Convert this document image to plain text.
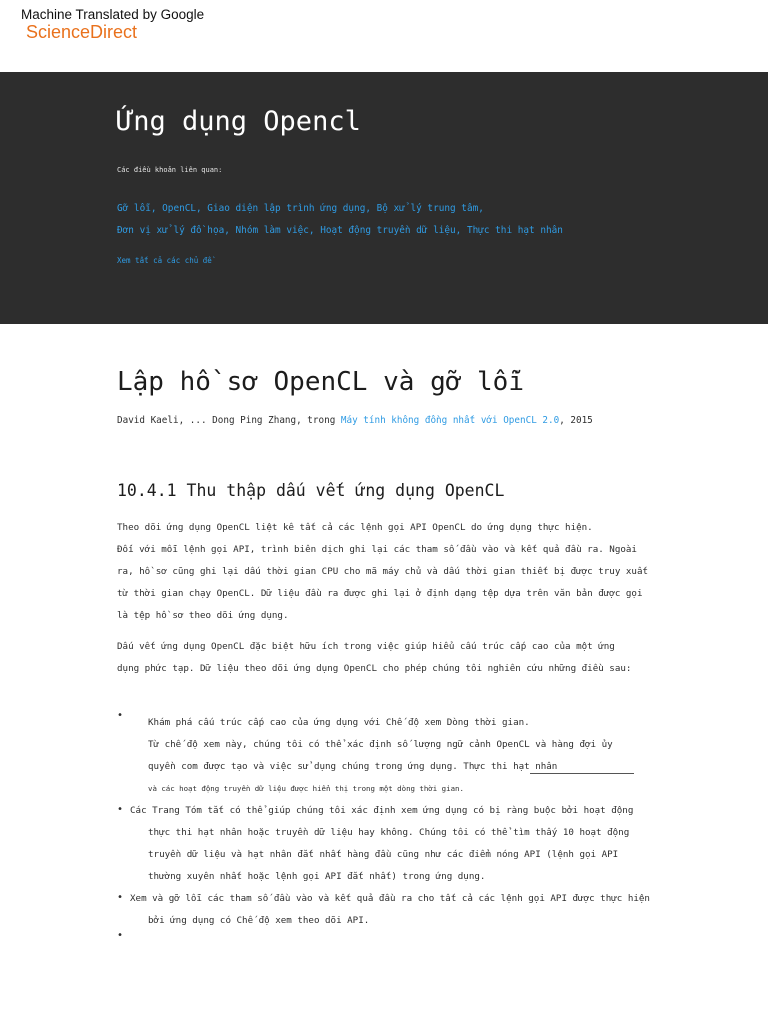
Machine Translated by Google
ScienceDirect
Ứng dụng Opencl
Các điều khoản liên quan:
Gỡ lỗi, OpenCL, Giao diện lập trình ứng dụng, Bộ xử lý trung tâm,
Đơn vị xử lý đồ họa, Nhóm làm việc, Hoạt động truyền dữ liệu, Thực thi hạt nhân
Xem tất cả các chủ đề
Lập hồ sơ OpenCL và gỡ lỗi
David Kaeli, ... Dong Ping Zhang, trong Máy tính không đồng nhất với OpenCL 2.0, 2015
10.4.1 Thu thập dấu vết ứng dụng OpenCL
Theo dõi ứng dụng OpenCL liệt kê tất cả các lệnh gọi API OpenCL do ứng dụng thực hiện.
Đối với mỗi lệnh gọi API, trình biên dịch ghi lại các tham số đầu vào và kết quả đầu ra. Ngoài
ra, hồ sơ cũng ghi lại dấu thời gian CPU cho mã máy chủ và dấu thời gian thiết bị được truy xuất
từ thời gian chạy OpenCL. Dữ liệu đầu ra được ghi lại ở định dạng tệp dựa trên văn bản được gọi
là tệp hồ sơ theo dõi ứng dụng.
Dấu vết ứng dụng OpenCL đặc biệt hữu ích trong việc giúp hiểu cấu trúc cấp cao của một ứng
dụng phức tạp. Dữ liệu theo dõi ứng dụng OpenCL cho phép chúng tôi nghiên cứu những điều sau:
•
Khám phá cấu trúc cấp cao của ứng dụng với Chế độ xem Dòng thời gian.
Từ chế độ xem này, chúng tôi có thể xác định số lượng ngữ cảnh OpenCL và hàng đợi ủy
quyền com được tạo và việc sử dụng chúng trong ứng dụng. Thực thi hạt nhân
và các hoạt động truyền dữ liệu được hiển thị trong một dòng thời gian.
• Các Trang Tóm tắt có thể giúp chúng tôi xác định xem ứng dụng có bị ràng buộc bởi hoạt động
thực thi hạt nhân hoặc truyền dữ liệu hay không. Chúng tôi có thể tìm thấy 10 hoạt động
truyền dữ liệu và hạt nhân đắt nhất hàng đầu cũng như các điểm nóng API (lệnh gọi API
thường xuyên nhất hoặc lệnh gọi API đắt nhất) trong ứng dụng.
• Xem và gỡ lỗi các tham số đầu vào và kết quả đầu ra cho tất cả các lệnh gọi API được thực hiện
bởi ứng dụng có Chế độ xem theo dõi API.
•
